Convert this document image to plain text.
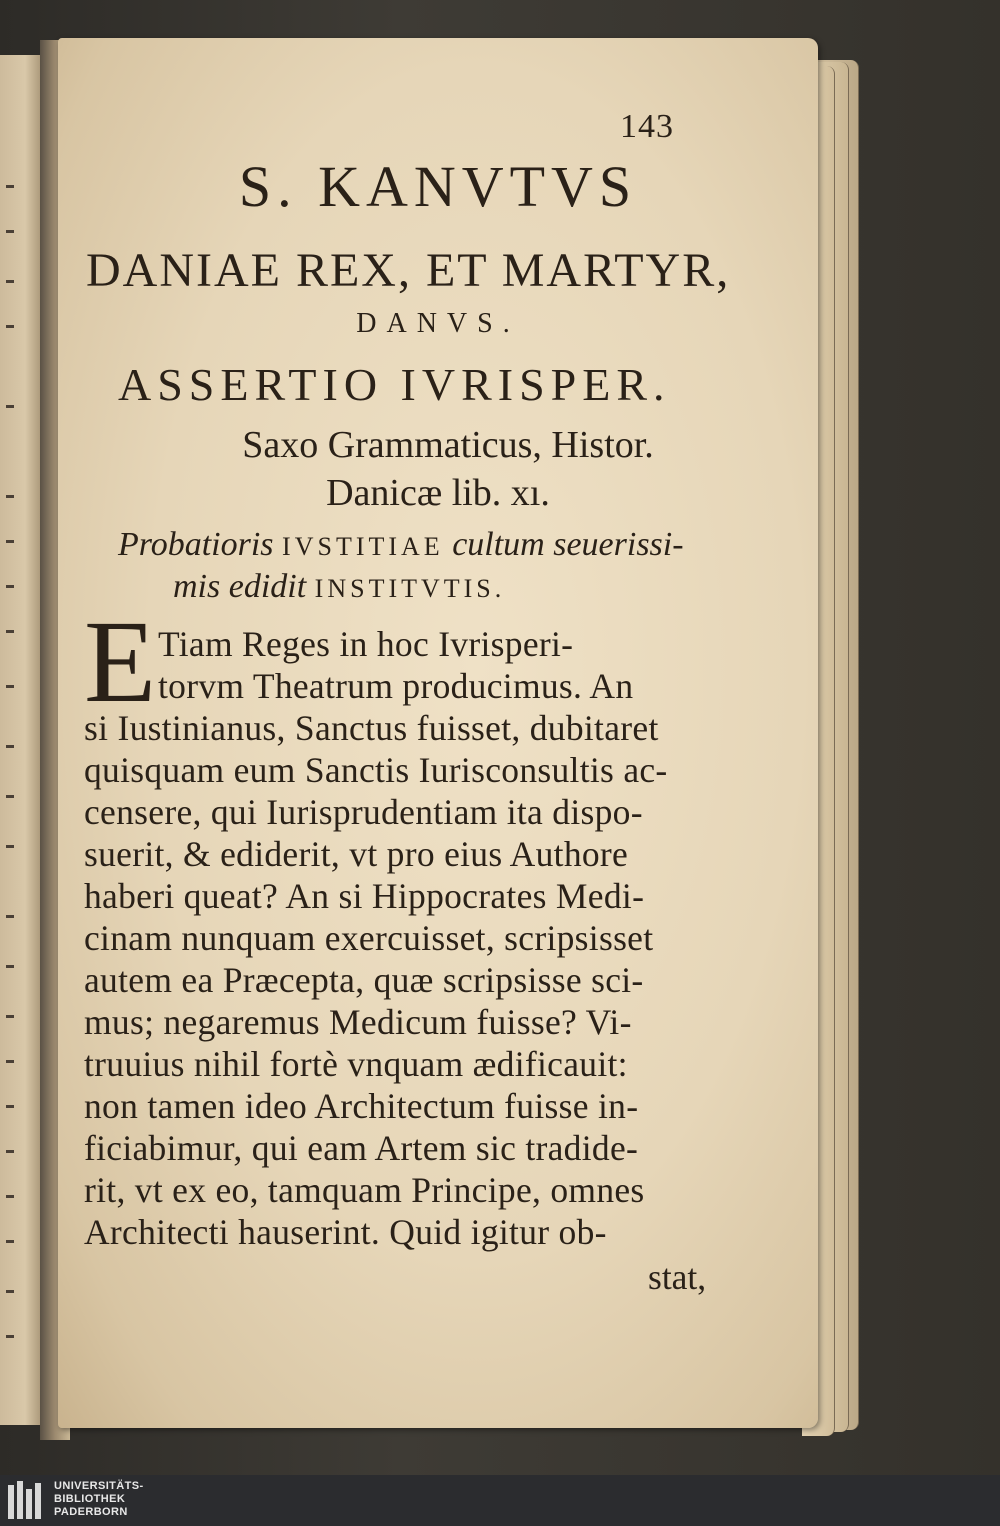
143
S. KANVTVS
DANIAE REX, ET MARTYR,
DANVS.
ASSERTIO IVRISPER.
Saxo Grammaticus, Histor.
Danicæ lib. xı.
Probatioris IVSTITIAE cultum seuerissi-
mis edidit INSTITVTIS.
E Tiam Reges in hoc Ivrisperi-
torvm Theatrum producimus. An
si Iustinianus, Sanctus fuisset, dubitaret
quisquam eum Sanctis Iurisconsultis ac-
censere, qui Iurisprudentiam ita dispo-
suerit, & ediderit, vt pro eius Authore
haberi queat? An si Hippocrates Medi-
cinam nunquam exercuisset, scripsisset
autem ea Præcepta, quæ scripsisse sci-
mus; negaremus Medicum fuisse? Vi-
truuius nihil fortè vnquam ædificauit:
non tamen ideo Architectum fuisse in-
ficiabimur, qui eam Artem sic tradide-
rit, vt ex eo, tamquam Principe, omnes
Architecti hauserint. Quid igitur ob-
stat,
UNIVERSITÄTS-
BIBLIOTHEK
PADERBORN
